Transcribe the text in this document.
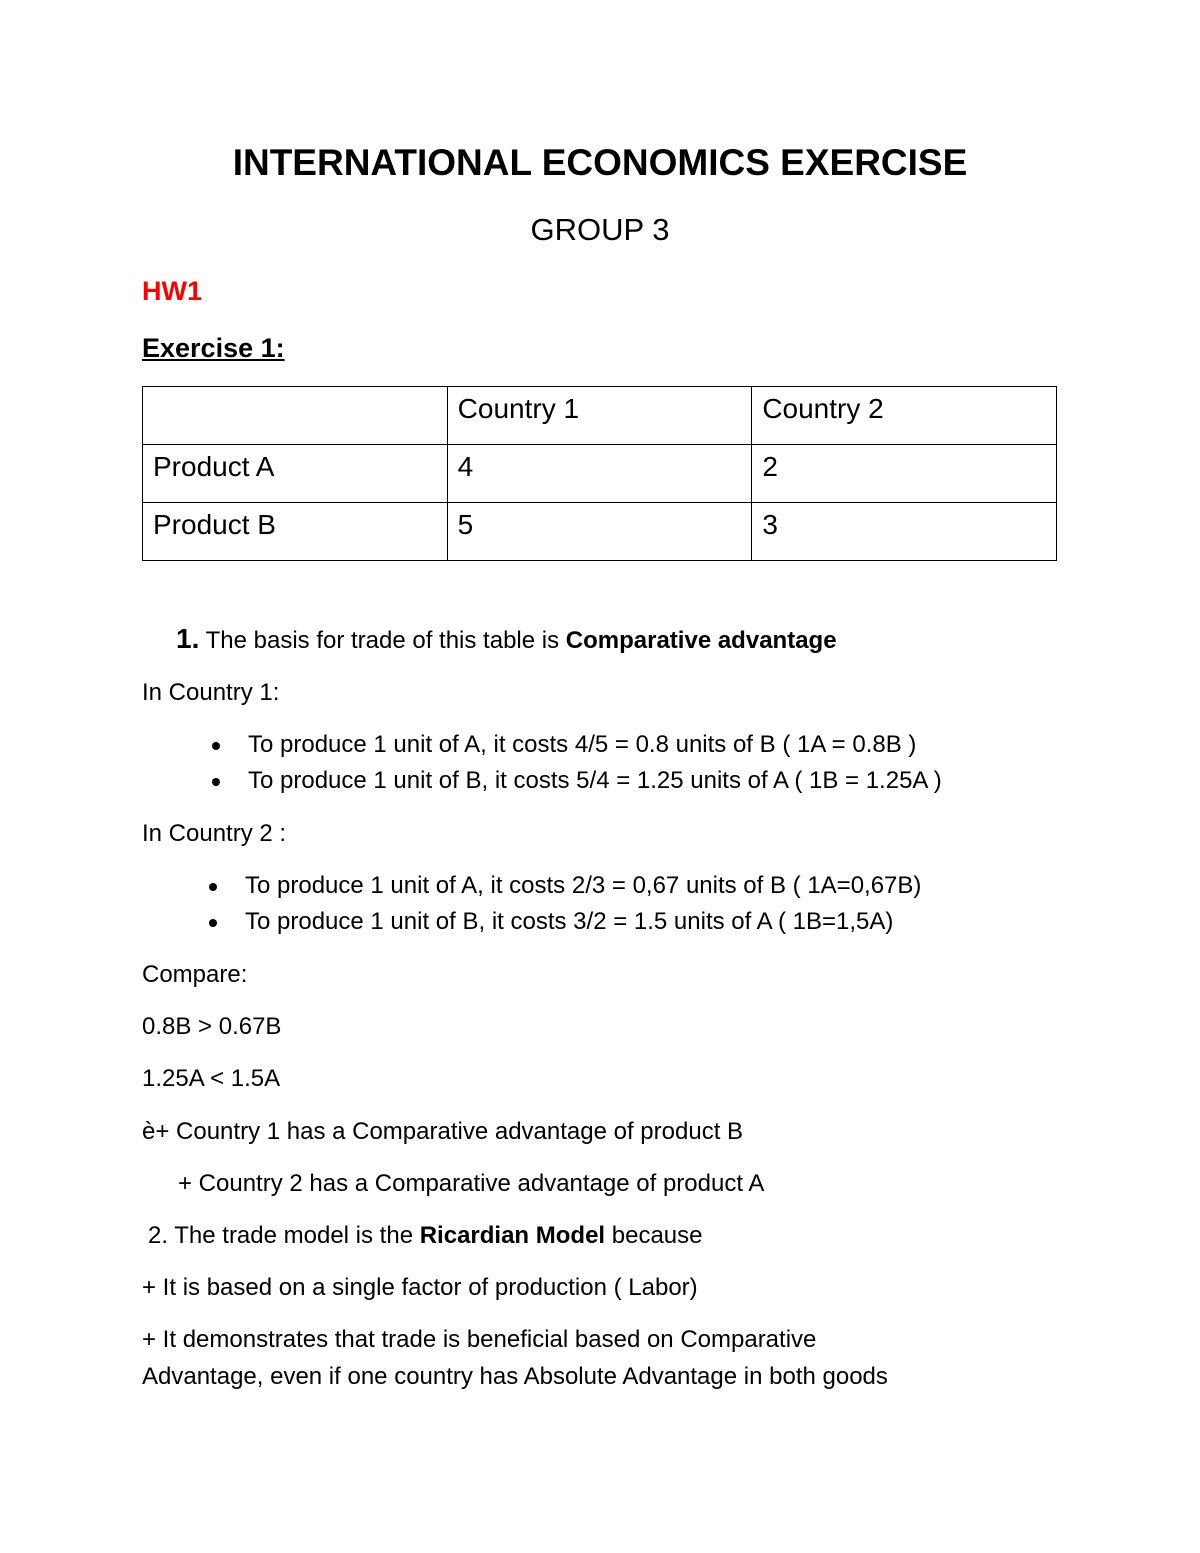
INTERNATIONAL ECONOMICS EXERCISE
GROUP 3
HW1
Exercise 1:

	Country 1	Country 2

Product A	4	2

Product B	5	3
1. The basis for trade of this table is Comparative advantage
In Country 1:
To produce 1 unit of A, it costs 4/5 = 0.8 units of B ( 1A = 0.8B )
To produce 1 unit of B, it costs 5/4 = 1.25 units of A ( 1B = 1.25A )
In Country 2 :
To produce 1 unit of A, it costs 2/3 = 0,67 units of B ( 1A=0,67B)
To produce 1 unit of B, it costs 3/2 = 1.5 units of A ( 1B=1,5A)
Compare:
0.8B > 0.67B
1.25A < 1.5A
è+ Country 1 has a Comparative advantage of product B
+ Country 2 has a Comparative advantage of product A
2. The trade model is the Ricardian Model because
+ It is based on a single factor of production ( Labor)
+ It demonstrates that trade is beneficial based on Comparative
Advantage, even if one country has Absolute Advantage in both goods
